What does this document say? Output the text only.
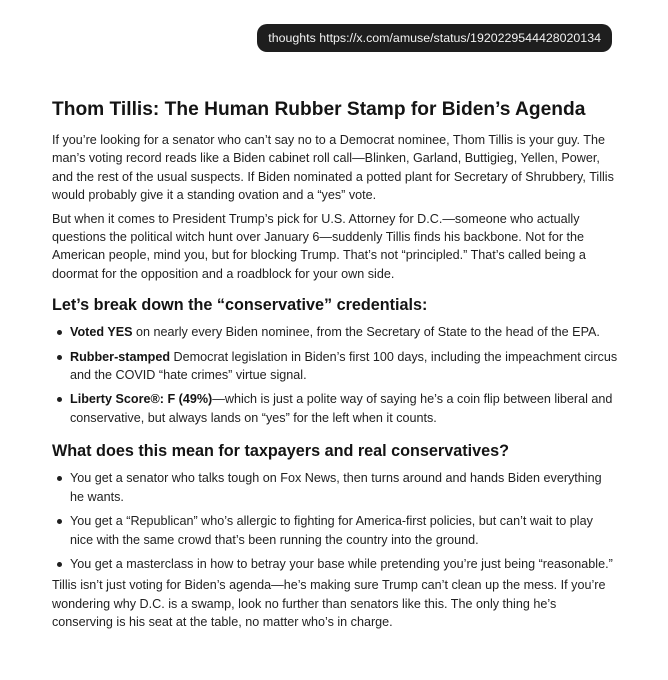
thoughts https://x.com/amuse/status/1920229544428020134
Thom Tillis: The Human Rubber Stamp for Biden’s Agenda

If you’re looking for a senator who can’t say no to a Democrat nominee, Thom Tillis is your guy. The man’s voting record reads like a Biden cabinet roll call—Blinken, Garland, Buttigieg, Yellen, Power, and the rest of the usual suspects. If Biden nominated a potted plant for Secretary of Shrubbery, Tillis would probably give it a standing ovation and a “yes” vote.

But when it comes to President Trump’s pick for U.S. Attorney for D.C.—someone who actually questions the political witch hunt over January 6—suddenly Tillis finds his backbone. Not for the American people, mind you, but for blocking Trump. That’s not “principled.” That’s called being a doormat for the opposition and a roadblock for your own side.

Let’s break down the “conservative” credentials:
Voted YES on nearly every Biden nominee, from the Secretary of State to the head of the EPA.
Rubber-stamped Democrat legislation in Biden’s first 100 days, including the impeachment circus and the COVID “hate crimes” virtue signal.
Liberty Score®: F (49%)—which is just a polite way of saying he’s a coin flip between liberal and conservative, but always lands on “yes” for the left when it counts.
What does this mean for taxpayers and real conservatives?
You get a senator who talks tough on Fox News, then turns around and hands Biden everything he wants.
You get a “Republican” who’s allergic to fighting for America-first policies, but can’t wait to play nice with the same crowd that’s been running the country into the ground.
You get a masterclass in how to betray your base while pretending you’re just being “reasonable.”

Tillis isn’t just voting for Biden’s agenda—he’s making sure Trump can’t clean up the mess. If you’re wondering why D.C. is a swamp, look no further than senators like this. The only thing he’s conserving is his seat at the table, no matter who’s in charge.
